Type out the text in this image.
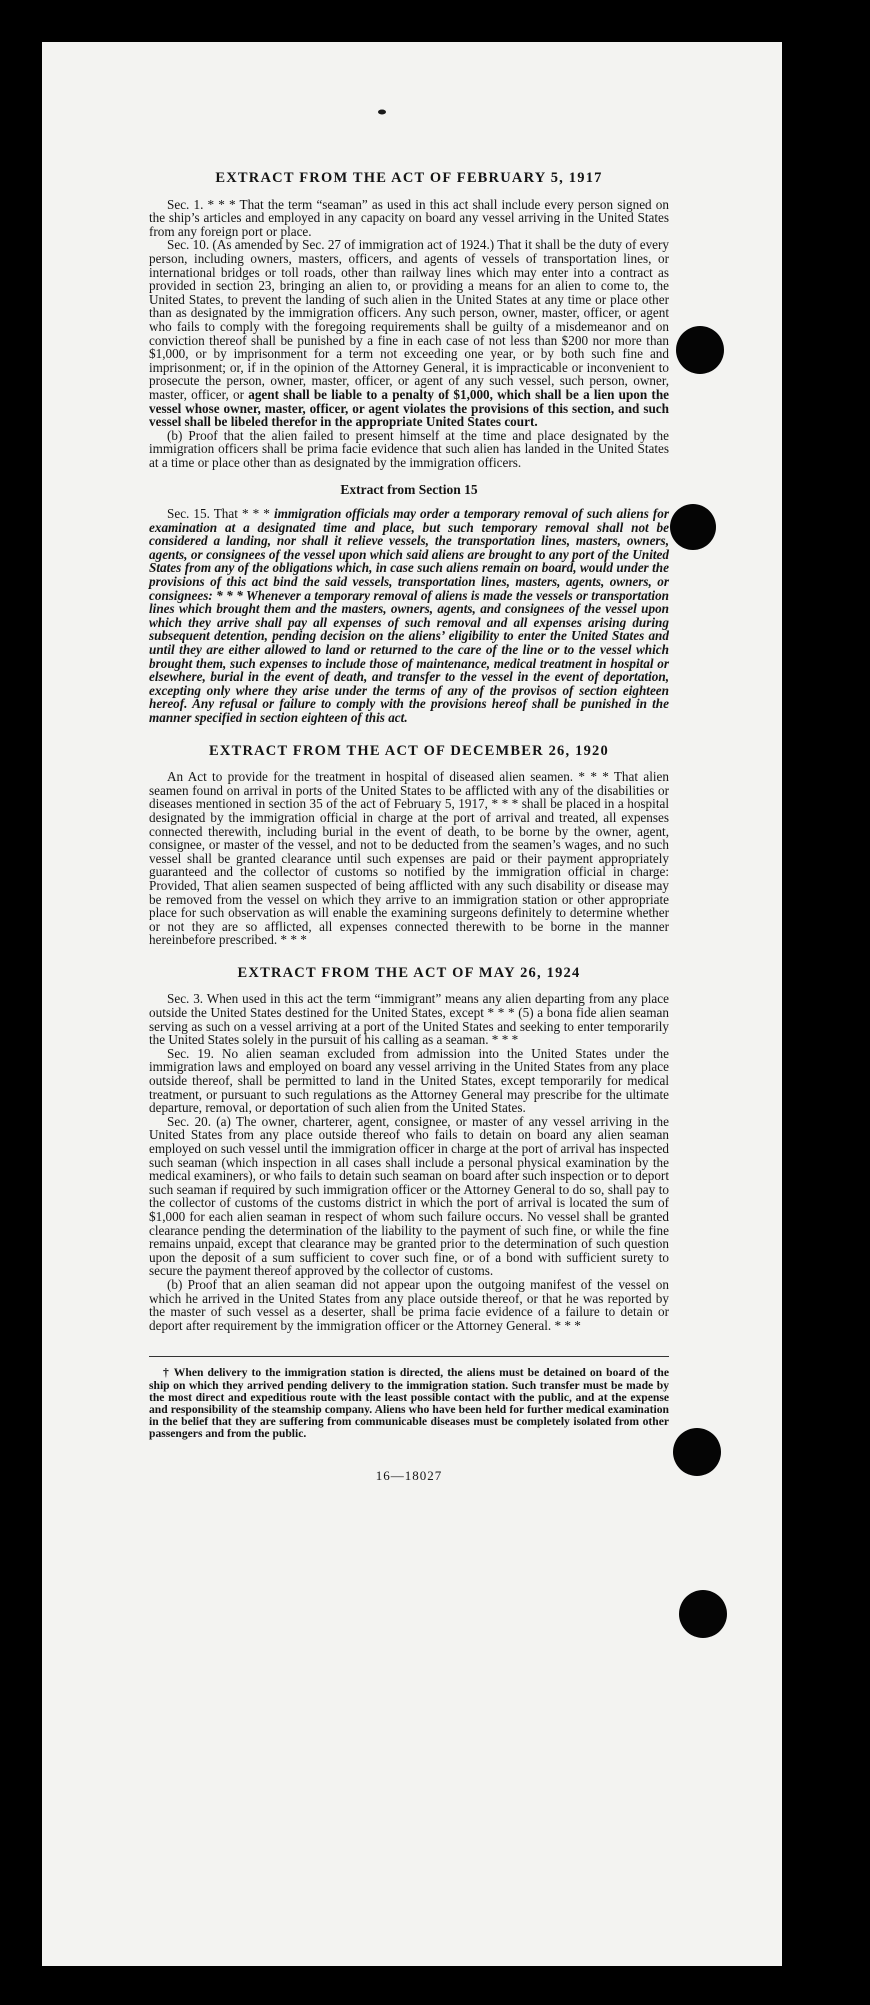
EXTRACT FROM THE ACT OF FEBRUARY 5, 1917

Sec. 1. * * * That the term “seaman” as used in this act shall include every person signed on the ship’s articles and employed in any capacity on board any vessel arriving in the United States from any foreign port or place.

Sec. 10. (As amended by Sec. 27 of immigration act of 1924.) That it shall be the duty of every person, including owners, masters, officers, and agents of vessels of transportation lines, or international bridges or toll roads, other than railway lines which may enter into a contract as provided in section 23, bringing an alien to, or providing a means for an alien to come to, the United States, to prevent the landing of such alien in the United States at any time or place other than as designated by the immigration officers. Any such person, owner, master, officer, or agent who fails to comply with the foregoing requirements shall be guilty of a misdemeanor and on conviction thereof shall be punished by a fine in each case of not less than $200 nor more than $1,000, or by imprisonment for a term not exceeding one year, or by both such fine and imprisonment; or, if in the opinion of the Attorney General, it is impracticable or inconvenient to prosecute the person, owner, master, officer, or agent of any such vessel, such person, owner, master, officer, or agent shall be liable to a penalty of $1,000, which shall be a lien upon the vessel whose owner, master, officer, or agent violates the provisions of this section, and such vessel shall be libeled therefor in the appropriate United States court.

(b) Proof that the alien failed to present himself at the time and place designated by the immigration officers shall be prima facie evidence that such alien has landed in the United States at a time or place other than as designated by the immigration officers.

Extract from Section 15

Sec. 15. That * * * immigration officials may order a temporary removal of such aliens for examination at a designated time and place, but such temporary removal shall not be considered a landing, nor shall it relieve vessels, the transportation lines, masters, owners, agents, or consignees of the vessel upon which said aliens are brought to any port of the United States from any of the obligations which, in case such aliens remain on board, would under the provisions of this act bind the said vessels, transportation lines, masters, agents, owners, or consignees: * * * Whenever a temporary removal of aliens is made the vessels or transportation lines which brought them and the masters, owners, agents, and consignees of the vessel upon which they arrive shall pay all expenses of such removal and all expenses arising during subsequent detention, pending decision on the aliens’ eligibility to enter the United States and until they are either allowed to land or returned to the care of the line or to the vessel which brought them, such expenses to include those of maintenance, medical treatment in hospital or elsewhere, burial in the event of death, and transfer to the vessel in the event of deportation, excepting only where they arise under the terms of any of the provisos of section eighteen hereof. Any refusal or failure to comply with the provisions hereof shall be punished in the manner specified in section eighteen of this act.

EXTRACT FROM THE ACT OF DECEMBER 26, 1920

An Act to provide for the treatment in hospital of diseased alien seamen. * * * That alien seamen found on arrival in ports of the United States to be afflicted with any of the disabilities or diseases mentioned in section 35 of the act of February 5, 1917, * * * shall be placed in a hospital designated by the immigration official in charge at the port of arrival and treated, all expenses connected therewith, including burial in the event of death, to be borne by the owner, agent, consignee, or master of the vessel, and not to be deducted from the seamen’s wages, and no such vessel shall be granted clearance until such expenses are paid or their payment appropriately guaranteed and the collector of customs so notified by the immigration official in charge: Provided, That alien seamen suspected of being afflicted with any such disability or disease may be removed from the vessel on which they arrive to an immigration station or other appropriate place for such observation as will enable the examining surgeons definitely to determine whether or not they are so afflicted, all expenses connected therewith to be borne in the manner hereinbefore prescribed. * * *

EXTRACT FROM THE ACT OF MAY 26, 1924

Sec. 3. When used in this act the term “immigrant” means any alien departing from any place outside the United States destined for the United States, except * * * (5) a bona fide alien seaman serving as such on a vessel arriving at a port of the United States and seeking to enter temporarily the United States solely in the pursuit of his calling as a seaman. * * *

Sec. 19. No alien seaman excluded from admission into the United States under the immigration laws and employed on board any vessel arriving in the United States from any place outside thereof, shall be permitted to land in the United States, except temporarily for medical treatment, or pursuant to such regulations as the Attorney General may prescribe for the ultimate departure, removal, or deportation of such alien from the United States.

Sec. 20. (a) The owner, charterer, agent, consignee, or master of any vessel arriving in the United States from any place outside thereof who fails to detain on board any alien seaman employed on such vessel until the immigration officer in charge at the port of arrival has inspected such seaman (which inspection in all cases shall include a personal physical examination by the medical examiners), or who fails to detain such seaman on board after such inspection or to deport such seaman if required by such immigration officer or the Attorney General to do so, shall pay to the collector of customs of the customs district in which the port of arrival is located the sum of $1,000 for each alien seaman in respect of whom such failure occurs. No vessel shall be granted clearance pending the determination of the liability to the payment of such fine, or while the fine remains unpaid, except that clearance may be granted prior to the determination of such question upon the deposit of a sum sufficient to cover such fine, or of a bond with sufficient surety to secure the payment thereof approved by the collector of customs.

(b) Proof that an alien seaman did not appear upon the outgoing manifest of the vessel on which he arrived in the United States from any place outside thereof, or that he was reported by the master of such vessel as a deserter, shall be prima facie evidence of a failure to detain or deport after requirement by the immigration officer or the Attorney General. * * *

† When delivery to the immigration station is directed, the aliens must be detained on board of the ship on which they arrived pending delivery to the immigration station. Such transfer must be made by the most direct and expeditious route with the least possible contact with the public, and at the expense and responsibility of the steamship company. Aliens who have been held for further medical examination in the belief that they are suffering from communicable diseases must be completely isolated from other passengers and from the public.

16—18027
